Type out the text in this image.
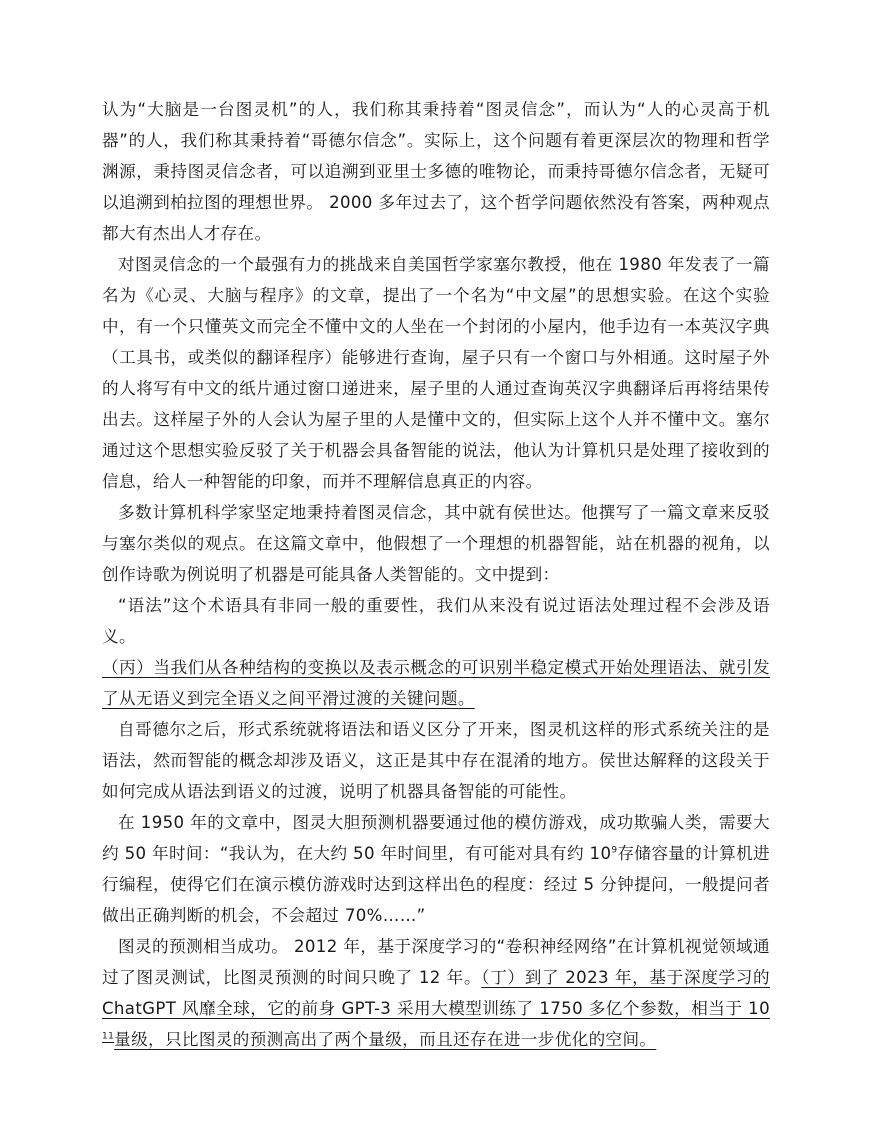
认为“大脑是一台图灵机”的人，我们称其秉持着“图灵信念”，而认为“人的心灵高于机器”的人，我们称其秉持着“哥德尔信念”。实际上，这个问题有着更深层次的物理和哲学渊源，秉持图灵信念者，可以追溯到亚里士多德的唯物论，而秉持哥德尔信念者，无疑可以追溯到柏拉图的理想世界。 2000 多年过去了，这个哲学问题依然没有答案，两种观点都大有杰出人才存在。

对图灵信念的一个最强有力的挑战来自美国哲学家塞尔教授，他在 1980 年发表了一篇名为《心灵、大脑与程序》的文章，提出了一个名为“中文屋”的思想实验。在这个实验中，有一个只懂英文而完全不懂中文的人坐在一个封闭的小屋内，他手边有一本英汉字典（工具书，或类似的翻译程序）能够进行查询，屋子只有一个窗口与外相通。这时屋子外的人将写有中文的纸片通过窗口递进来，屋子里的人通过查询英汉字典翻译后再将结果传出去。这样屋子外的人会认为屋子里的人是懂中文的，但实际上这个人并不懂中文。塞尔通过这个思想实验反驳了关于机器会具备智能的说法，他认为计算机只是处理了接收到的信息，给人一种智能的印象，而并不理解信息真正的内容。

多数计算机科学家坚定地秉持着图灵信念，其中就有侯世达。他撰写了一篇文章来反驳与塞尔类似的观点。在这篇文章中，他假想了一个理想的机器智能，站在机器的视角，以创作诗歌为例说明了机器是可能具备人类智能的。文中提到：

“语法”这个术语具有非同一般的重要性，我们从来没有说过语法处理过程不会涉及语义。

（丙）当我们从各种结构的变换以及表示概念的可识别半稳定模式开始处理语法、就引发了从无语义到完全语义之间平滑过渡的关键问题。

自哥德尔之后，形式系统就将语法和语义区分了开来，图灵机这样的形式系统关注的是语法，然而智能的概念却涉及语义，这正是其中存在混淆的地方。侯世达解释的这段关于如何完成从语法到语义的过渡，说明了机器具备智能的可能性。

在 1950 年的文章中，图灵大胆预测机器要通过他的模仿游戏，成功欺骗人类，需要大约 50 年时间：“我认为，在大约 50 年时间里，有可能对具有约 $10^9$存储容量的计算机进行编程，使得它们在演示模仿游戏时达到这样出色的程度：经过 5 分钟提问，一般提问者做出正确判断的机会，不会超过 70%……”

图灵的预测相当成功。 2012 年，基于深度学习的“卷积神经网络”在计算机视觉领域通过了图灵测试，比图灵预测的时间只晚了 12 年。（丁）到了 2023 年，基于深度学习的 ChatGPT 风靡全球，它的前身 GPT-3 采用大模型训练了 1750 多亿个参数，相当于 $10^{11}$量级，只比图灵的预测高出了两个量级，而且还存在进一步优化的空间。
